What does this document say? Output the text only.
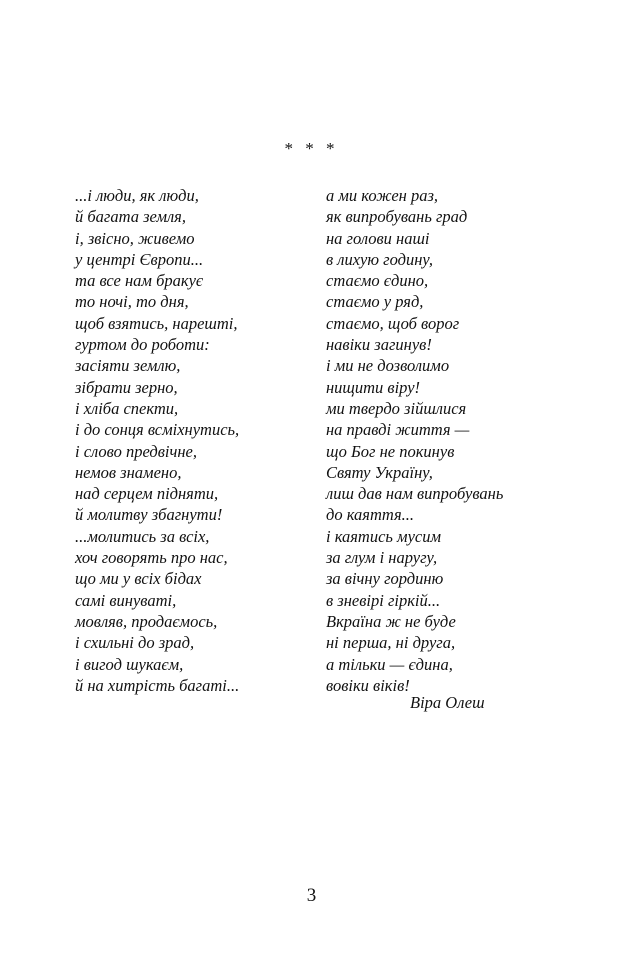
* * *
...і люди, як люди,
й багата земля,
і, звісно, живемо
у центрі Європи...
та все нам бракує
то ночі, то дня,
щоб взятись, нарешті,
гуртом до роботи:
засіяти землю,
зібрати зерно,
і хліба спекти,
і до сонця всміхнутись,
і слово предвічне,
немов знамено,
над серцем підняти,
й молитву збагнути!
...молитись за всіх,
хоч говорять про нас,
що ми у всіх бідах
самі винуваті,
мовляв, продаємось,
і схильні до зрад,
і вигод шукаєм,
й на хитрість багаті...
а ми кожен раз,
як випробувань град
на голови наші
в лихую годину,
стаємо єдино,
стаємо у ряд,
стаємо, щоб ворог
навіки загинув!
і ми не дозволимо
нищити віру!
ми твердо зійшлися
на правді життя —
що Бог не покинув
Святу Україну,
лиш дав нам випробувань
до каяття...
і каятись мусим
за глум і наругу,
за вічну гординю
в зневірі гіркій...
Вкраїна ж не буде
ні перша, ні друга,
а тільки — єдина,
вовіки віків!
Віра Олеш
3
